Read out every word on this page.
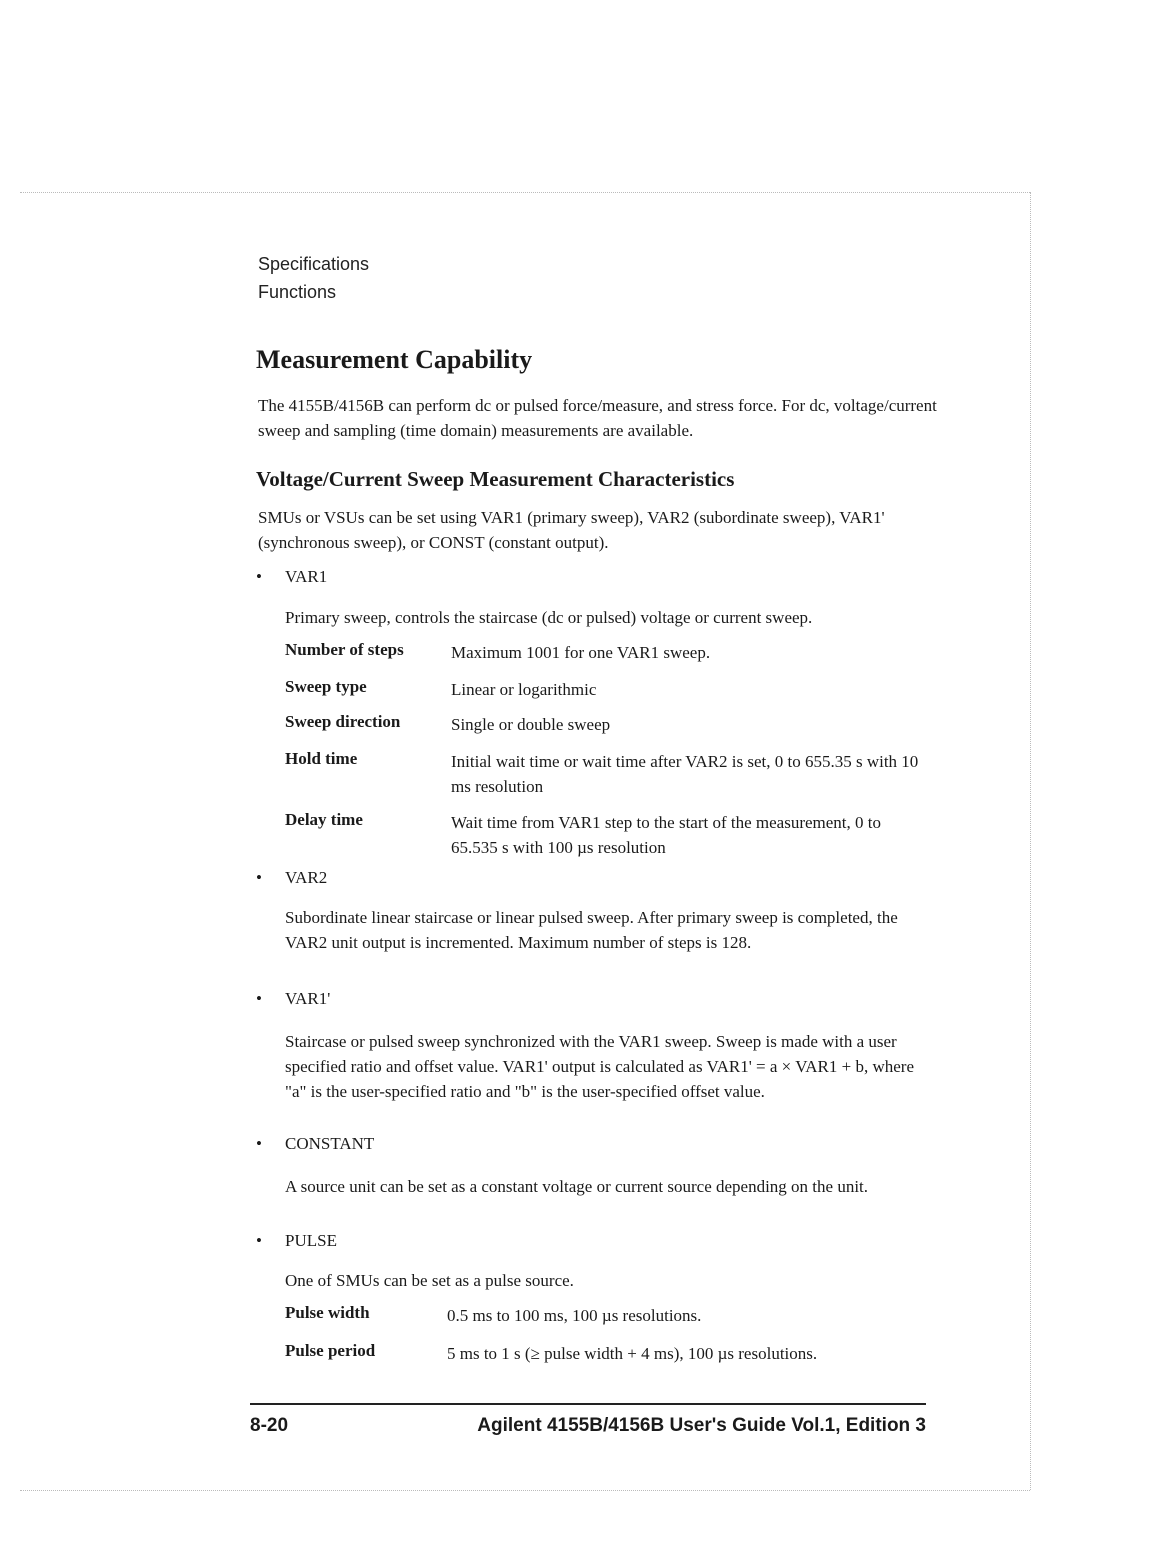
Specifications
Functions
Measurement Capability
The 4155B/4156B can perform dc or pulsed force/measure, and stress force. For dc, voltage/current sweep and sampling (time domain) measurements are available.
Voltage/Current Sweep Measurement Characteristics
SMUs or VSUs can be set using VAR1 (primary sweep), VAR2 (subordinate sweep), VAR1' (synchronous sweep), or CONST (constant output).
• VAR1
Primary sweep, controls the staircase (dc or pulsed) voltage or current sweep.
Number of steps	Maximum 1001 for one VAR1 sweep.
Sweep type	Linear or logarithmic
Sweep direction	Single or double sweep
Hold time	Initial wait time or wait time after VAR2 is set, 0 to 655.35 s with 10 ms resolution
Delay time	Wait time from VAR1 step to the start of the measurement, 0 to 65.535 s with 100 µs resolution
• VAR2
Subordinate linear staircase or linear pulsed sweep. After primary sweep is completed, the VAR2 unit output is incremented. Maximum number of steps is 128.
• VAR1'
Staircase or pulsed sweep synchronized with the VAR1 sweep. Sweep is made with a user specified ratio and offset value. VAR1' output is calculated as VAR1' = a × VAR1 + b, where "a" is the user-specified ratio and "b" is the user-specified offset value.
• CONSTANT
A source unit can be set as a constant voltage or current source depending on the unit.
• PULSE
One of SMUs can be set as a pulse source.
Pulse width	0.5 ms to 100 ms, 100 µs resolutions.
Pulse period	5 ms to 1 s (≥ pulse width + 4 ms), 100 µs resolutions.
8-20	Agilent 4155B/4156B User's Guide Vol.1, Edition 3
